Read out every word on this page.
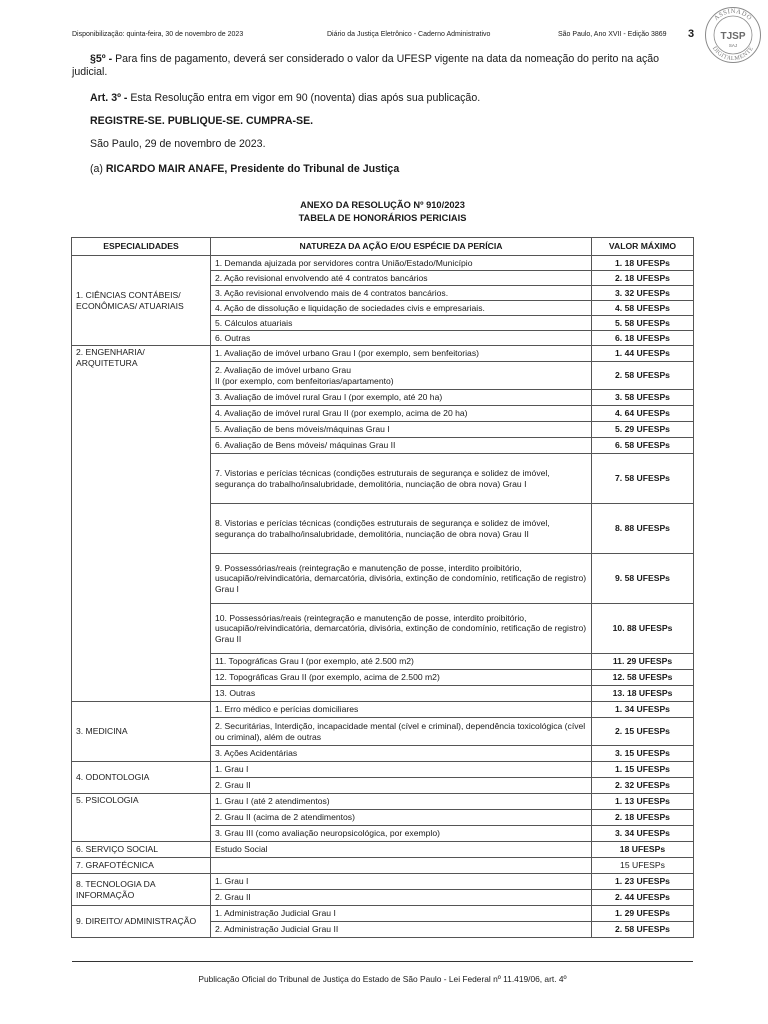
Disponibilização: quinta-feira, 30 de novembro de 2023	Diário da Justiça Eletrônico - Caderno Administrativo	São Paulo, Ano XVII - Edição 3869 3
ASSINADO
DIGITALMENTE
TJSP
SAJ
§5º - Para fins de pagamento, deverá ser considerado o valor da UFESP vigente na data da nomeação do perito na ação judicial.
Art. 3º - Esta Resolução entra em vigor em 90 (noventa) dias após sua publicação.
REGISTRE-SE. PUBLIQUE-SE. CUMPRA-SE.
São Paulo, 29 de novembro de 2023.
(a) RICARDO MAIR ANAFE, Presidente do Tribunal de Justiça
ANEXO DA RESOLUÇÃO Nº 910/2023
TABELA DE HONORÁRIOS PERICIAIS
ESPECIALIDADES	NATUREZA DA AÇÃO E/OU ESPÉCIE DA PERÍCIA	VALOR MÁXIMO
1. CIÊNCIAS CONTÁBEIS/ ECONÔMICAS/ ATUARIAIS	1. Demanda ajuizada por servidores contra União/Estado/Município	1. 18 UFESPs
	2. Ação revisional envolvendo até 4 contratos bancários	2. 18 UFESPs
	3. Ação revisional envolvendo mais de 4 contratos bancários.	3. 32 UFESPs
	4. Ação de dissolução e liquidação de sociedades civis e empresariais.	4. 58 UFESPs
	5. Cálculos atuariais	5. 58 UFESPs
	6. Outras	6. 18 UFESPs
2. ENGENHARIA/ ARQUITETURA	1. Avaliação de imóvel urbano Grau I (por exemplo, sem benfeitorias)	1. 44 UFESPs
	2. Avaliação de imóvel urbano Grau
II (por exemplo, com benfeitorias/apartamento)	2. 58 UFESPs
	3. Avaliação de imóvel rural Grau I (por exemplo, até 20 ha)	3. 58 UFESPs
	4. Avaliação de imóvel rural Grau II (por exemplo, acima de 20 ha)	4. 64 UFESPs
	5. Avaliação de bens móveis/máquinas Grau I	5. 29 UFESPs
	6. Avaliação de Bens móveis/ máquinas Grau II	6. 58 UFESPs
	7. Vistorias e perícias técnicas (condições estruturais de segurança e solidez de imóvel,
segurança do trabalho/insalubridade, demolitória, nunciação de obra nova) Grau I	7. 58 UFESPs
	8. Vistorias e perícias técnicas (condições estruturais de segurança e solidez de imóvel,
segurança do trabalho/insalubridade, demolitória, nunciação de obra nova) Grau II	8. 88 UFESPs
	9. Possessórias/reais (reintegração e manutenção de posse, interdito proibitório,
usucapião/reivindicatória, demarcatória, divisória, extinção de condomínio, retificação de registro) Grau I	9. 58 UFESPs
	10. Possessórias/reais (reintegração e manutenção de posse, interdito proibitório,
usucapião/reivindicatória, demarcatória, divisória, extinção de condomínio, retificação de registro) Grau II	10. 88 UFESPs
	11. Topográficas Grau I (por exemplo, até 2.500 m2)	11. 29 UFESPs
	12. Topográficas Grau II (por exemplo, acima de 2.500 m2)	12. 58 UFESPs
	13. Outras	13. 18 UFESPs
3. MEDICINA	1. Erro médico e perícias domiciliares	1. 34 UFESPs
	2. Securitárias, Interdição, incapacidade mental (cível e criminal), dependência toxicológica (cível ou criminal), além de outras	2. 15 UFESPs
	3. Ações Acidentárias	3. 15 UFESPs
4. ODONTOLOGIA	1. Grau I	1. 15 UFESPs
	2. Grau II	2. 32 UFESPs
5. PSICOLOGIA	1. Grau I (até 2 atendimentos)	1. 13 UFESPs
	2. Grau II (acima de 2 atendimentos)	2. 18 UFESPs
	3. Grau III (como avaliação neuropsicológica, por exemplo)	3. 34 UFESPs
6. SERVIÇO SOCIAL	Estudo Social	18 UFESPs
7. GRAFOTÉCNICA		15 UFESPs
8. TECNOLOGIA DA INFORMAÇÃO	1. Grau I	1. 23 UFESPs
	2. Grau II	2. 44 UFESPs
9. DIREITO/ ADMINISTRAÇÃO	1. Administração Judicial Grau I	1. 29 UFESPs
	2. Administração Judicial Grau II	2. 58 UFESPs
Publicação Oficial do Tribunal de Justiça do Estado de São Paulo - Lei Federal nº 11.419/06, art. 4º
